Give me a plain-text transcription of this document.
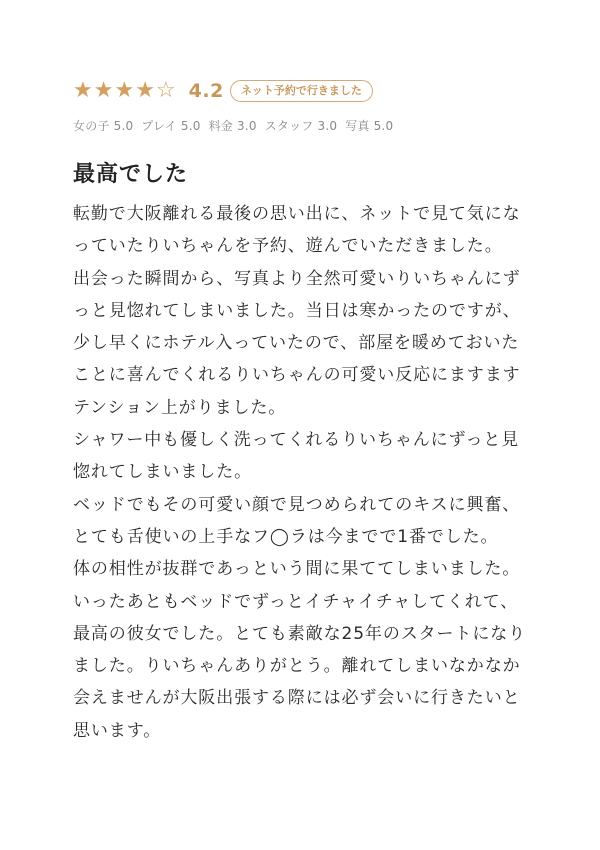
★ ★ ★ ★ ☆ 4.2	ネット予約で行きました
女の子 5.0 プレイ 5.0 料金 3.0 スタッフ 3.0 写真 5.0
最高でした

転勤で大阪離れる最後の思い出に、ネットで見て気になっていたりいちゃんを予約、遊んでいただきました。

出会った瞬間から、写真より全然可愛いりいちゃんにずっと見惚れてしまいました。当日は寒かったのですが、少し早くにホテル入っていたので、部屋を暖めておいたことに喜んでくれるりいちゃんの可愛い反応にますますテンション上がりました。

シャワー中も優しく洗ってくれるりいちゃんにずっと見惚れてしまいました。

ベッドでもその可愛い顔で見つめられてのキスに興奮、とても舌使いの上手なフ◯ラは今までで1番でした。

体の相性が抜群であっという間に果ててしまいました。いったあともベッドでずっとイチャイチャしてくれて、最高の彼女でした。とても素敵な25年のスタートになりました。りいちゃんありがとう。離れてしまいなかなか会えませんが大阪出張する際には必ず会いに行きたいと思います。
